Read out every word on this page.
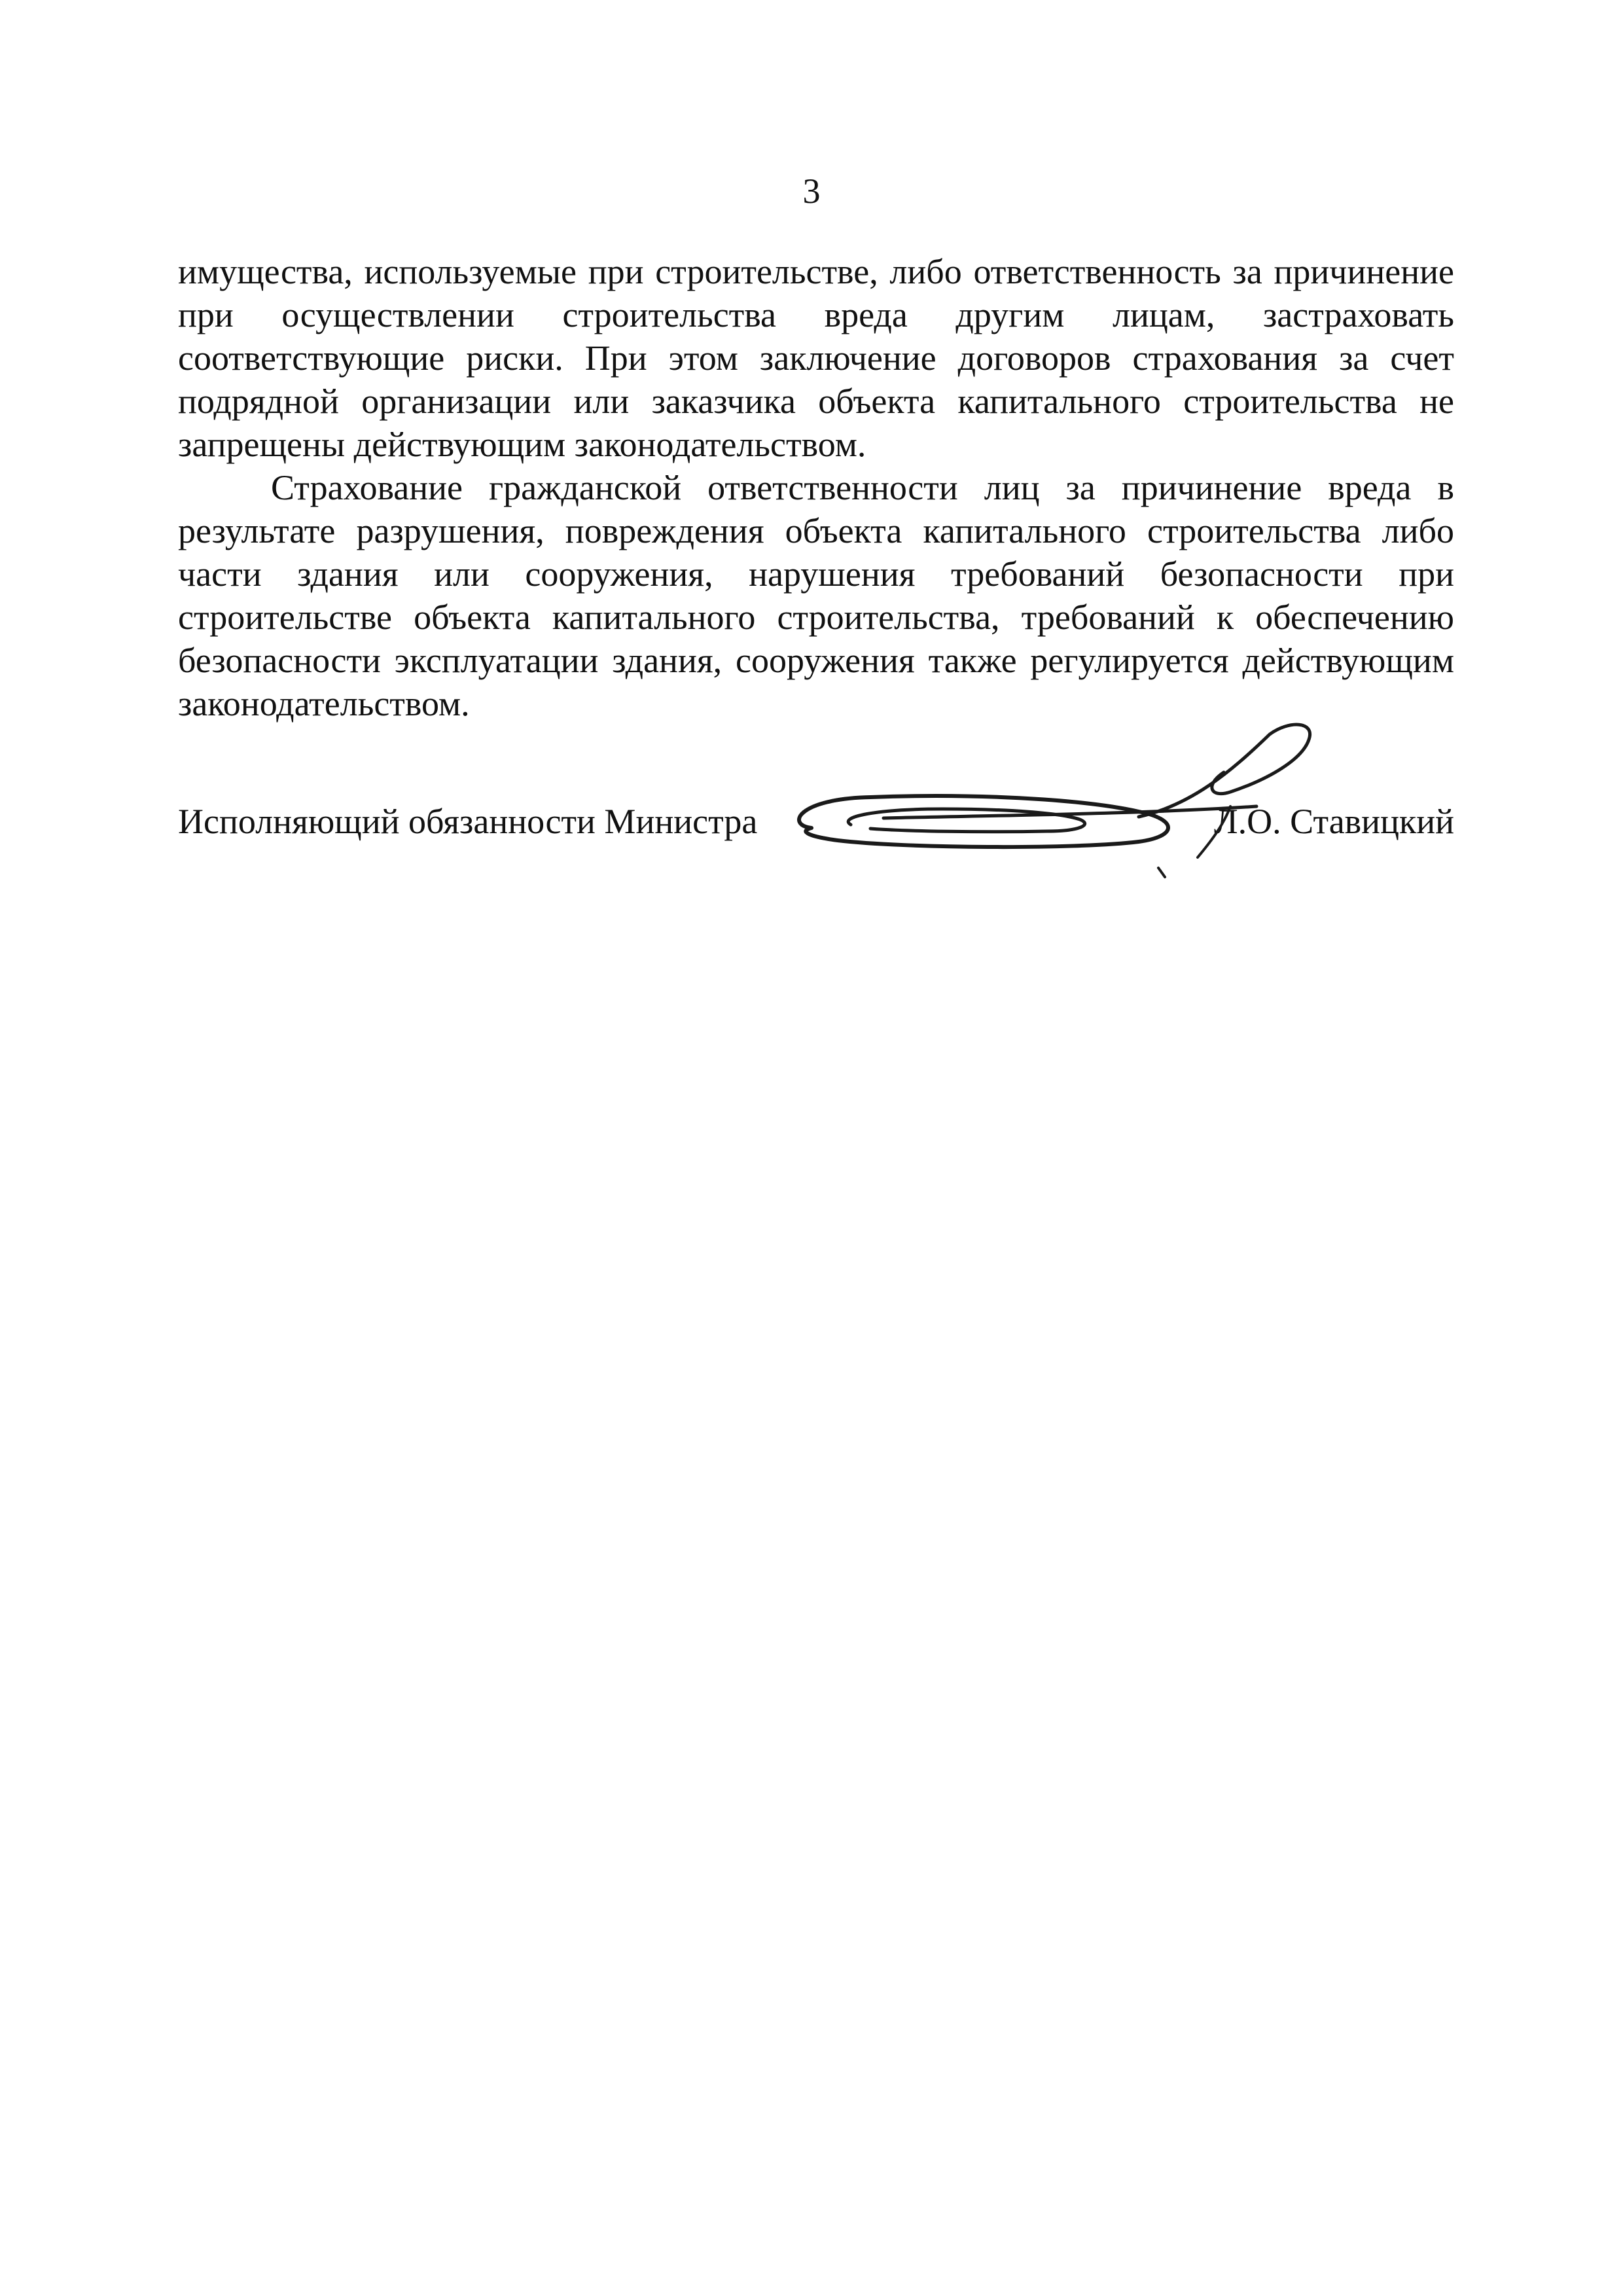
3

имущества, используемые при строительстве, либо ответственность за причинение при осуществлении строительства вреда другим лицам, застраховать соответствующие риски. При этом заключение договоров страхования за счет подрядной организации или заказчика объекта капитального строительства не запрещены действующим законодательством.

Страхование гражданской ответственности лиц за причинение вреда в результате разрушения, повреждения объекта капитального строительства либо части здания или сооружения, нарушения требований безопасности при строительстве объекта капитального строительства, требований к обеспечению безопасности эксплуатации здания, сооружения также регулируется действующим законодательством.

Исполняющий обязанности Министра	Л.О. Ставицкий
